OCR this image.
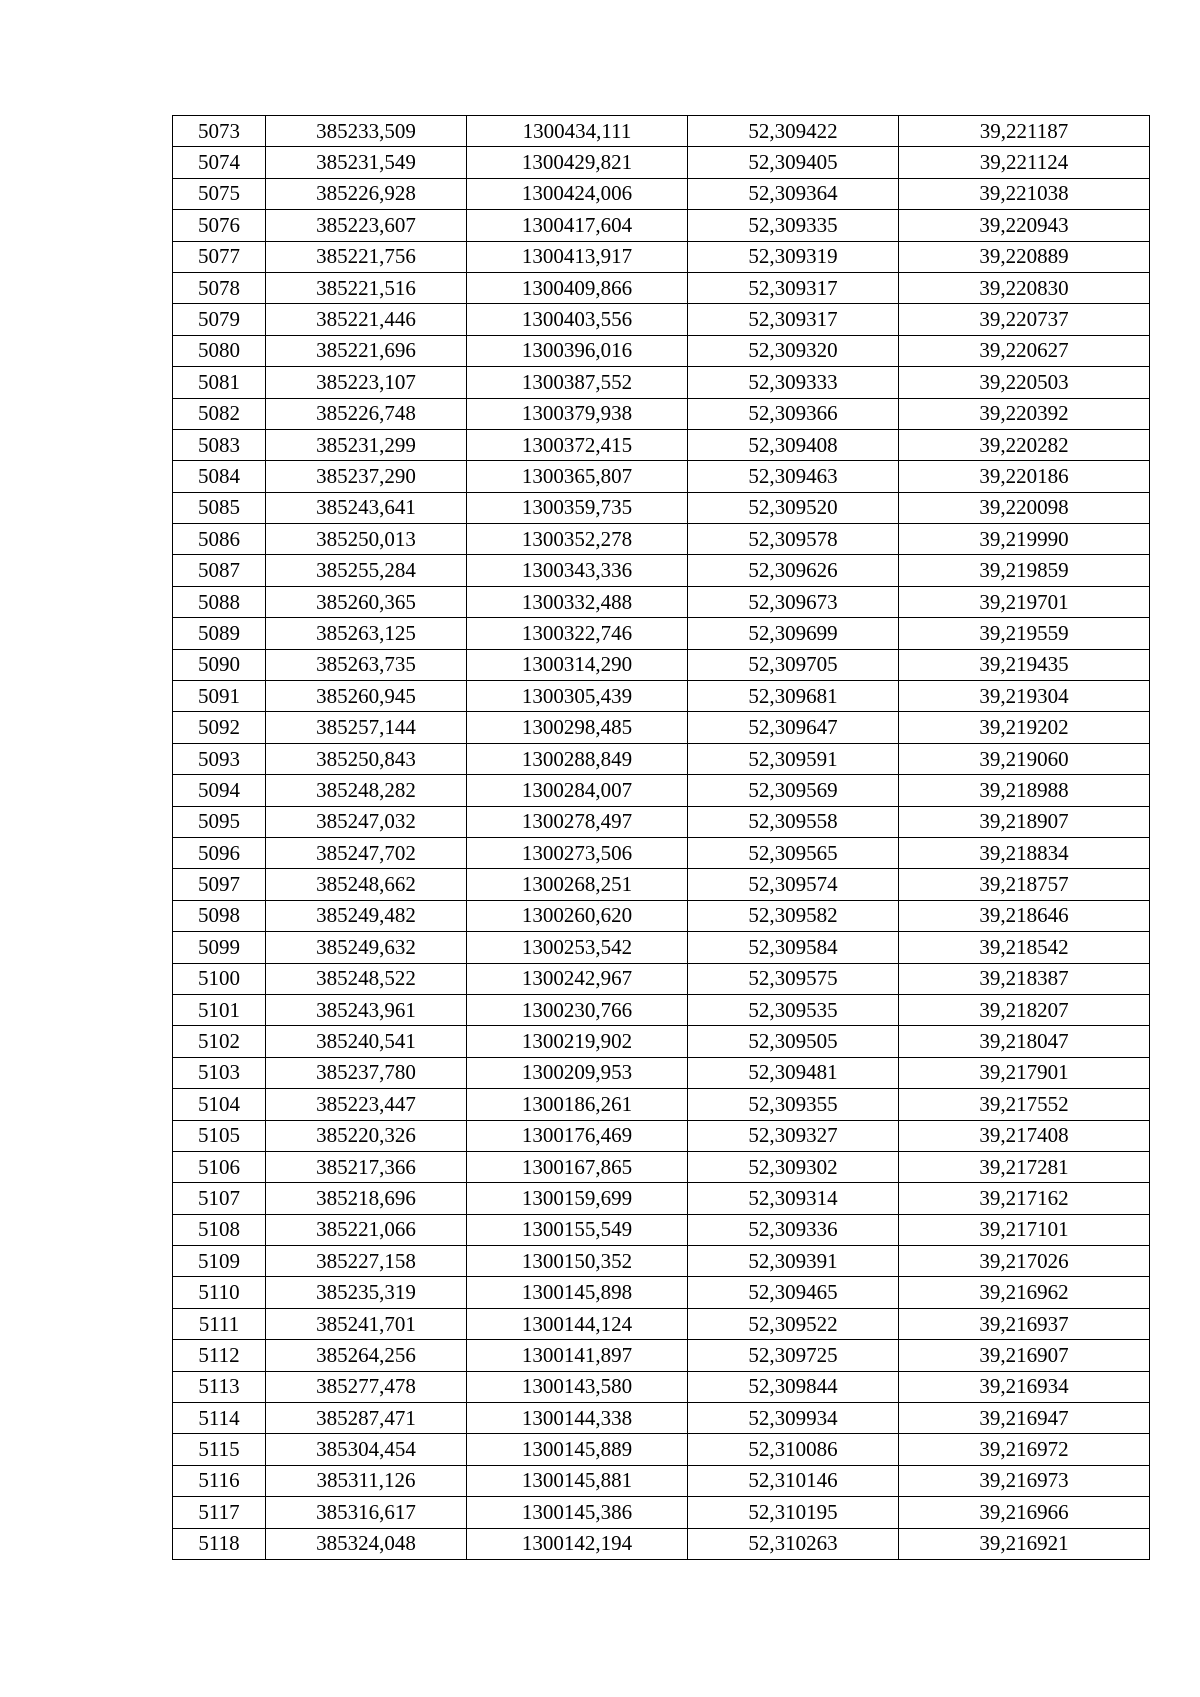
5073	385233,509	1300434,111	52,309422	39,221187
5074	385231,549	1300429,821	52,309405	39,221124
5075	385226,928	1300424,006	52,309364	39,221038
5076	385223,607	1300417,604	52,309335	39,220943
5077	385221,756	1300413,917	52,309319	39,220889
5078	385221,516	1300409,866	52,309317	39,220830
5079	385221,446	1300403,556	52,309317	39,220737
5080	385221,696	1300396,016	52,309320	39,220627
5081	385223,107	1300387,552	52,309333	39,220503
5082	385226,748	1300379,938	52,309366	39,220392
5083	385231,299	1300372,415	52,309408	39,220282
5084	385237,290	1300365,807	52,309463	39,220186
5085	385243,641	1300359,735	52,309520	39,220098
5086	385250,013	1300352,278	52,309578	39,219990
5087	385255,284	1300343,336	52,309626	39,219859
5088	385260,365	1300332,488	52,309673	39,219701
5089	385263,125	1300322,746	52,309699	39,219559
5090	385263,735	1300314,290	52,309705	39,219435
5091	385260,945	1300305,439	52,309681	39,219304
5092	385257,144	1300298,485	52,309647	39,219202
5093	385250,843	1300288,849	52,309591	39,219060
5094	385248,282	1300284,007	52,309569	39,218988
5095	385247,032	1300278,497	52,309558	39,218907
5096	385247,702	1300273,506	52,309565	39,218834
5097	385248,662	1300268,251	52,309574	39,218757
5098	385249,482	1300260,620	52,309582	39,218646
5099	385249,632	1300253,542	52,309584	39,218542
5100	385248,522	1300242,967	52,309575	39,218387
5101	385243,961	1300230,766	52,309535	39,218207
5102	385240,541	1300219,902	52,309505	39,218047
5103	385237,780	1300209,953	52,309481	39,217901
5104	385223,447	1300186,261	52,309355	39,217552
5105	385220,326	1300176,469	52,309327	39,217408
5106	385217,366	1300167,865	52,309302	39,217281
5107	385218,696	1300159,699	52,309314	39,217162
5108	385221,066	1300155,549	52,309336	39,217101
5109	385227,158	1300150,352	52,309391	39,217026
5110	385235,319	1300145,898	52,309465	39,216962
5111	385241,701	1300144,124	52,309522	39,216937
5112	385264,256	1300141,897	52,309725	39,216907
5113	385277,478	1300143,580	52,309844	39,216934
5114	385287,471	1300144,338	52,309934	39,216947
5115	385304,454	1300145,889	52,310086	39,216972
5116	385311,126	1300145,881	52,310146	39,216973
5117	385316,617	1300145,386	52,310195	39,216966
5118	385324,048	1300142,194	52,310263	39,216921
